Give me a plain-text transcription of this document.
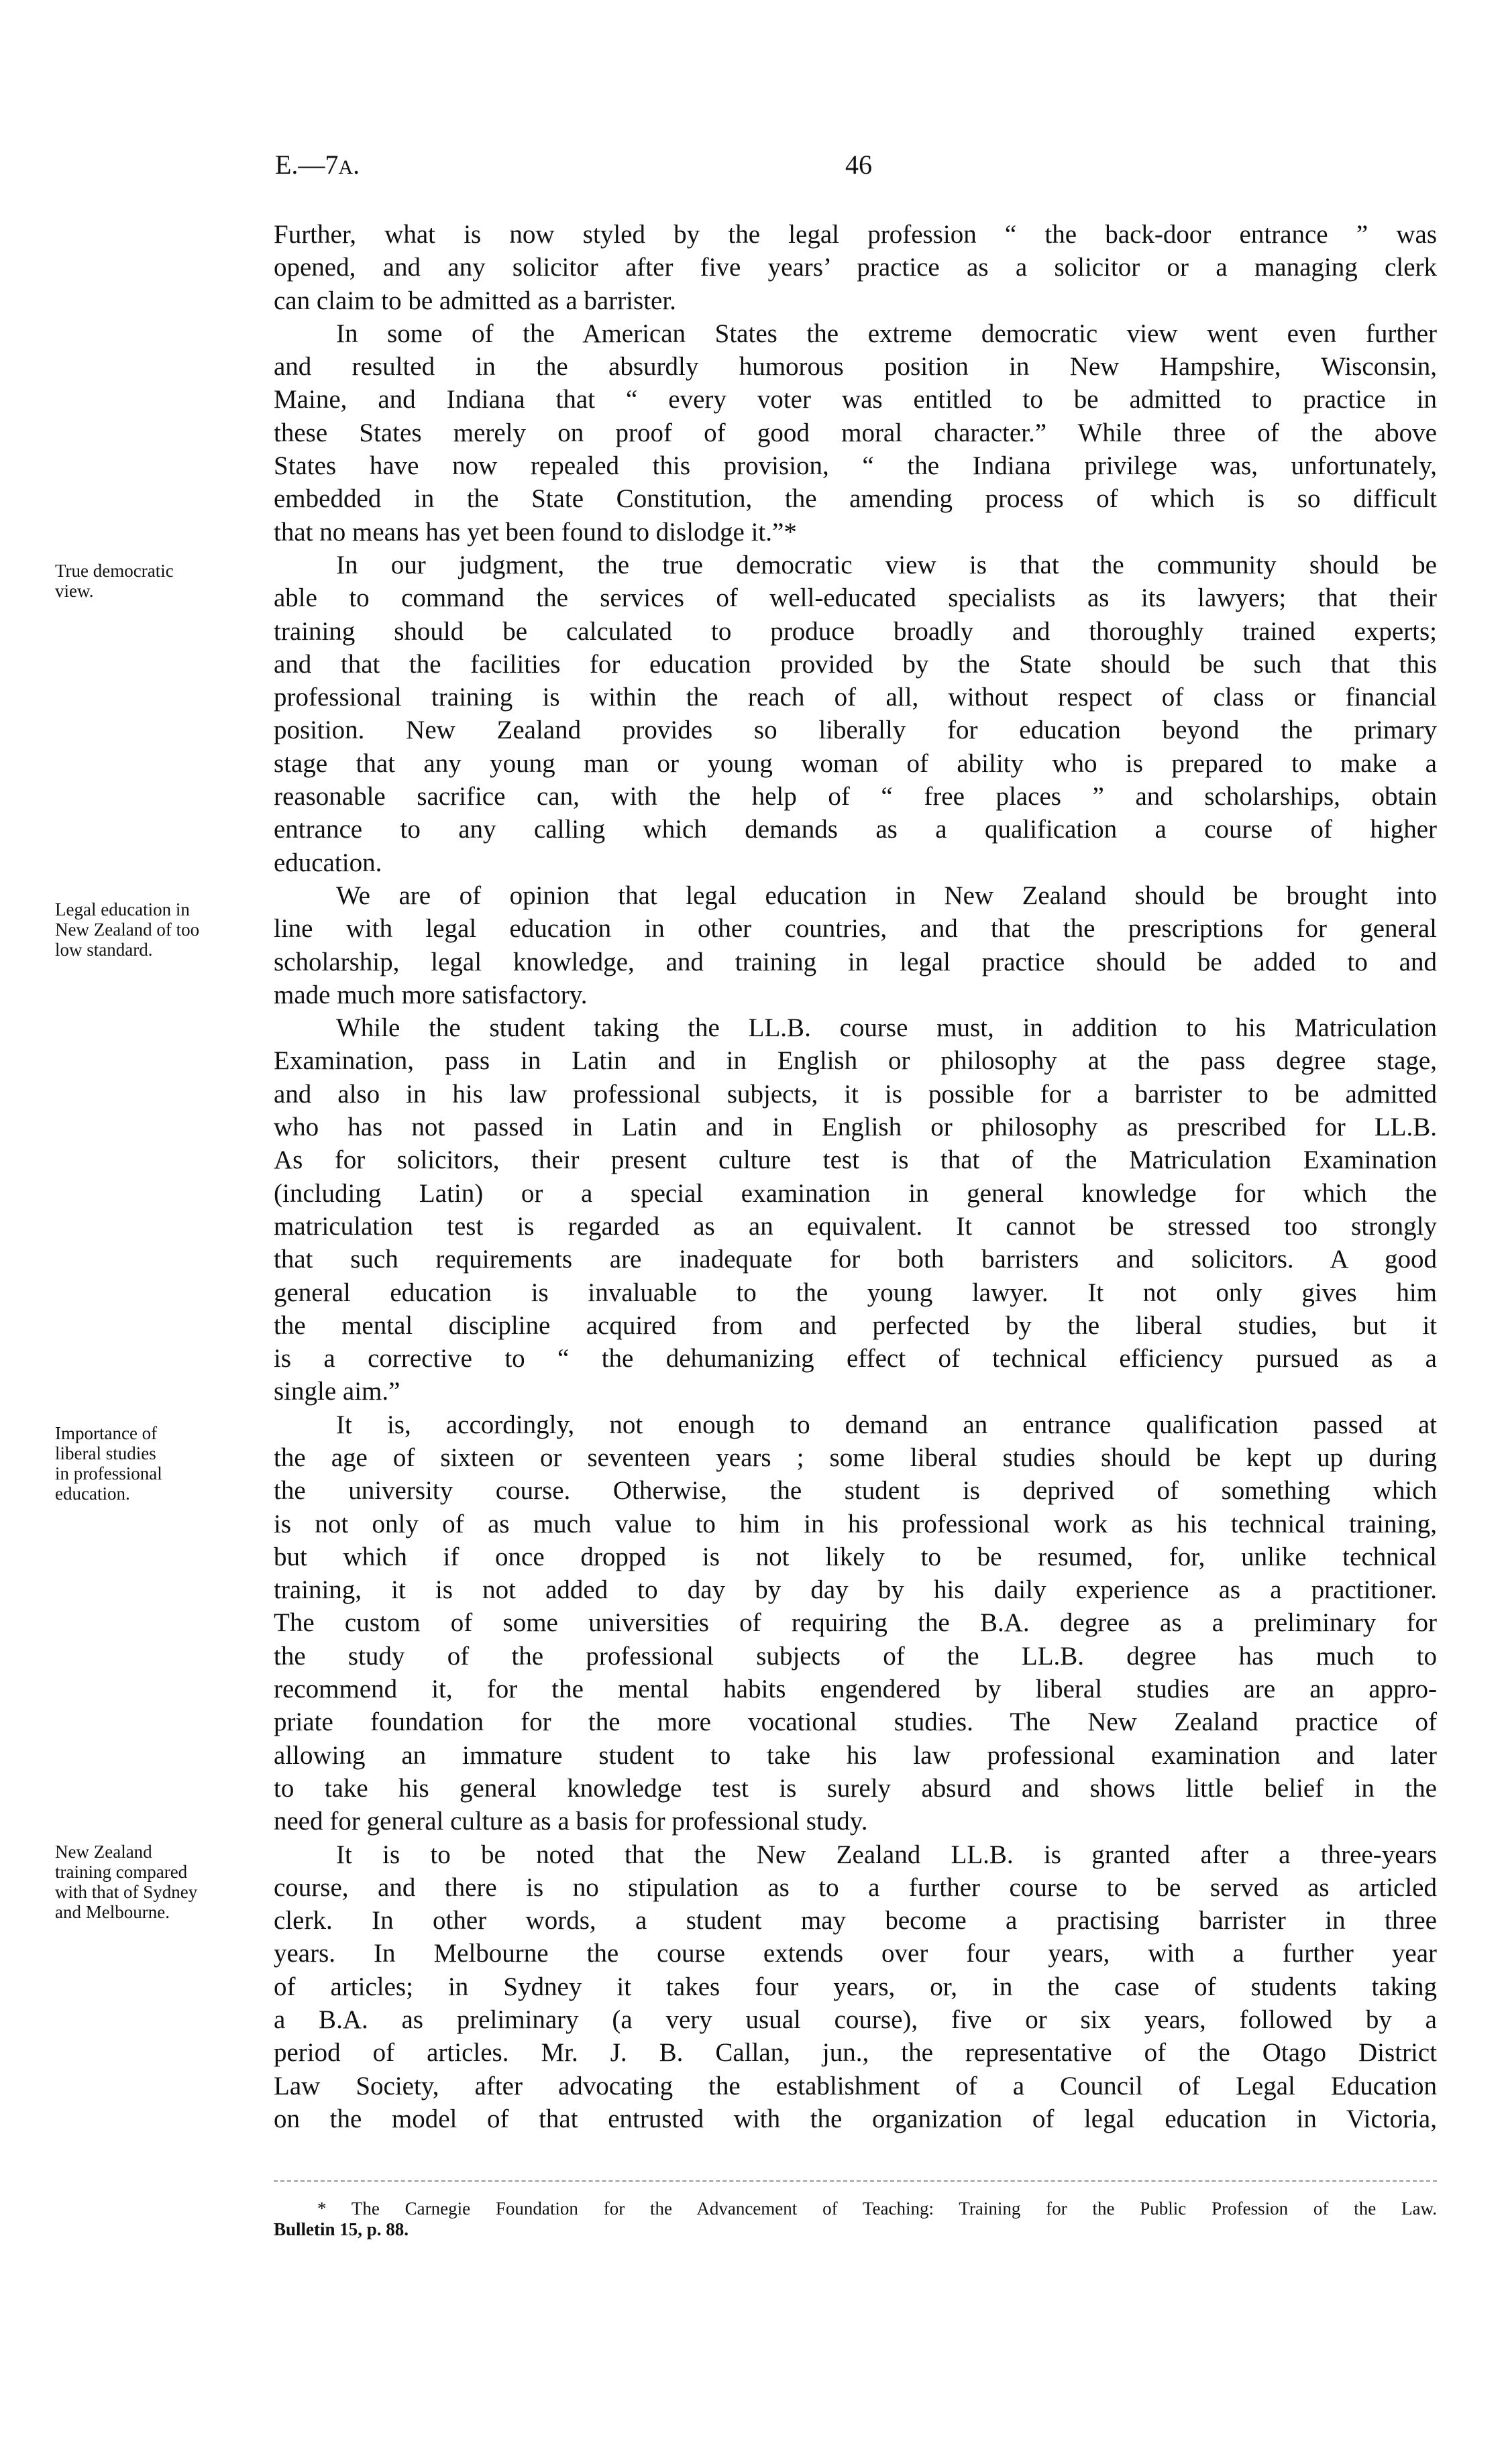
E.—7A.	46
Further, what is now styled by the legal profession “ the back-door entrance ” was
opened, and any solicitor after five years’ practice as a solicitor or a managing clerk
can claim to be admitted as a barrister.
In some of the American States the extreme democratic view went even further
and resulted in the absurdly humorous position in New Hampshire, Wisconsin,
Maine, and Indiana that “ every voter was entitled to be admitted to practice in
these States merely on proof of good moral character.” While three of the above
States have now repealed this provision, “ the Indiana privilege was, unfortunately,
embedded in the State Constitution, the amending process of which is so difficult
that no means has yet been found to dislodge it.”*
In our judgment, the true democratic view is that the community should be
able to command the services of well-educated specialists as its lawyers; that their
training should be calculated to produce broadly and thoroughly trained experts;
and that the facilities for education provided by the State should be such that this
professional training is within the reach of all, without respect of class or financial
position. New Zealand provides so liberally for education beyond the primary
stage that any young man or young woman of ability who is prepared to make a
reasonable sacrifice can, with the help of “ free places ” and scholarships, obtain
entrance to any calling which demands as a qualification a course of higher
education.
We are of opinion that legal education in New Zealand should be brought into
line with legal education in other countries, and that the prescriptions for general
scholarship, legal knowledge, and training in legal practice should be added to and
made much more satisfactory.
While the student taking the LL.B. course must, in addition to his Matriculation
Examination, pass in Latin and in English or philosophy at the pass degree stage,
and also in his law professional subjects, it is possible for a barrister to be admitted
who has not passed in Latin and in English or philosophy as prescribed for LL.B.
As for solicitors, their present culture test is that of the Matriculation Examination
(including Latin) or a special examination in general knowledge for which the
matriculation test is regarded as an equivalent. It cannot be stressed too strongly
that such requirements are inadequate for both barristers and solicitors. A good
general education is invaluable to the young lawyer. It not only gives him
the mental discipline acquired from and perfected by the liberal studies, but it
is a corrective to “ the dehumanizing effect of technical efficiency pursued as a
single aim.”
It is, accordingly, not enough to demand an entrance qualification passed at
the age of sixteen or seventeen years ; some liberal studies should be kept up during
the university course. Otherwise, the student is deprived of something which
is not only of as much value to him in his professional work as his technical training,
but which if once dropped is not likely to be resumed, for, unlike technical
training, it is not added to day by day by his daily experience as a practitioner.
The custom of some universities of requiring the B.A. degree as a preliminary for
the study of the professional subjects of the LL.B. degree has much to
recommend it, for the mental habits engendered by liberal studies are an appro-
priate foundation for the more vocational studies. The New Zealand practice of
allowing an immature student to take his law professional examination and later
to take his general knowledge test is surely absurd and shows little belief in the
need for general culture as a basis for professional study.
It is to be noted that the New Zealand LL.B. is granted after a three-years
course, and there is no stipulation as to a further course to be served as articled
clerk. In other words, a student may become a practising barrister in three
years. In Melbourne the course extends over four years, with a further year
of articles; in Sydney it takes four years, or, in the case of students taking
a B.A. as preliminary (a very usual course), five or six years, followed by a
period of articles. Mr. J. B. Callan, jun., the representative of the Otago District
Law Society, after advocating the establishment of a Council of Legal Education
on the model of that entrusted with the organization of legal education in Victoria,
True democratic
view.
Legal education in
New Zealand of too
low standard.
Importance of
liberal studies
in professional
education.
New Zealand
training compared
with that of Sydney
and Melbourne.
* The Carnegie Foundation for the Advancement of Teaching: Training for the Public Profession of the Law.
Bulletin 15, p. 88.
